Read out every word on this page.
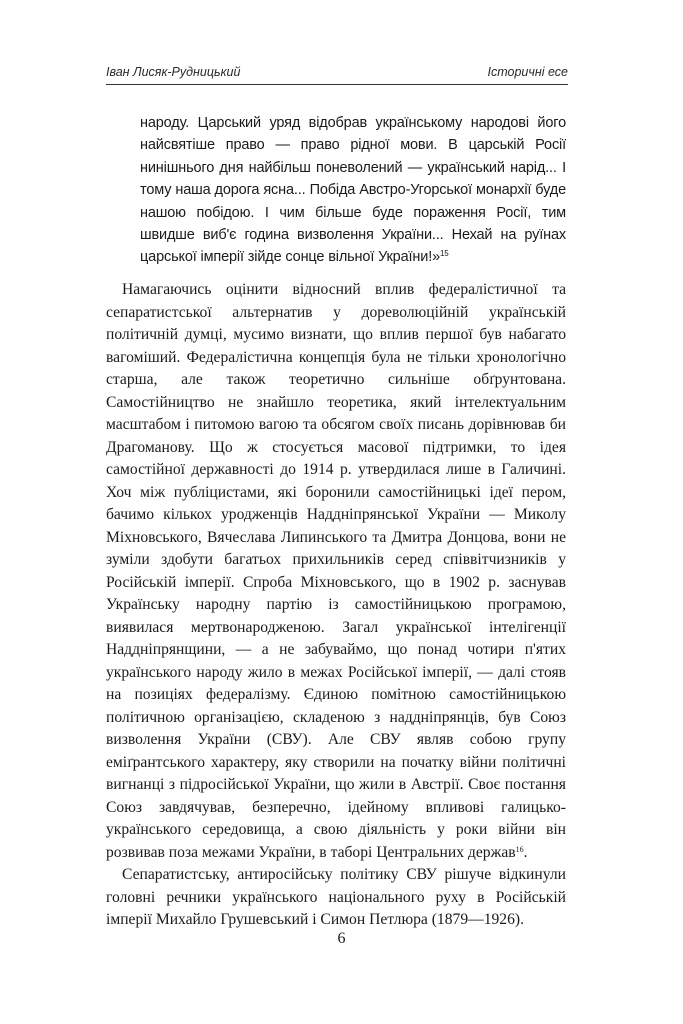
Іван Лисяк-Рудницький	Історичні есе
народу. Царський уряд відобрав українському народові його найсвятіше право — право рідної мови. В царській Росії нинішнього дня найбільш поневолений — український нарід... І тому наша дорога ясна... Побіда Австро-Угорської монархії буде нашою побідою. І чим більше буде пораження Росії, тим швидше виб'є година визволення України... Нехай на руїнах царської імперії зійде сонце вільної України!»$^{15}$

Намагаючись оцінити відносний вплив федералістичної та сепаратистської альтернатив у дореволюційній українській політичній думці, мусимо визнати, що вплив першої був набагато вагоміший. Федералістична концепція була не тільки хронологічно старша, але також теоретично сильніше обґрунтована. Самостійництво не знайшло теоретика, який інтелектуальним масштабом і питомою вагою та обсягом своїх писань дорівнював би Драгоманову. Що ж стосується масової підтримки, то ідея самостійної державності до 1914 р. утвердилася лише в Галичині. Хоч між публіцистами, які боронили самостійницькі ідеї пером, бачимо кількох уродженців Наддніпрянської України — Миколу Міхновського, Вячеслава Липинського та Дмитра Донцова, вони не зуміли здобути багатьох прихильників серед співвітчизників у Російській імперії. Спроба Міхновського, що в 1902 р. заснував Українську народну партію із самостійницькою програмою, виявилася мертвонародженою. Загал української інтелігенції Наддніпрянщини, — а не забуваймо, що понад чотири п'ятих українського народу жило в межах Російської імперії, — далі стояв на позиціях федералізму. Єдиною помітною самостійницькою політичною організацією, складеною з наддніпрянців, був Союз визволення України (СВУ). Але СВУ являв собою групу еміґрантського характеру, яку створили на початку війни політичні вигнанці з підросійської України, що жили в Австрії. Своє постання Союз завдячував, безперечно, ідейному впливові галицько-українського середовища, а свою діяльність у роки війни він розвивав поза межами України, в таборі Центральних держав$^{16}$.

Сепаратистську, антиросійську політику СВУ рішуче відкинули головні речники українського національного руху в Російській імперії Михайло Грушевський і Симон Петлюра (1879—1926).

6
